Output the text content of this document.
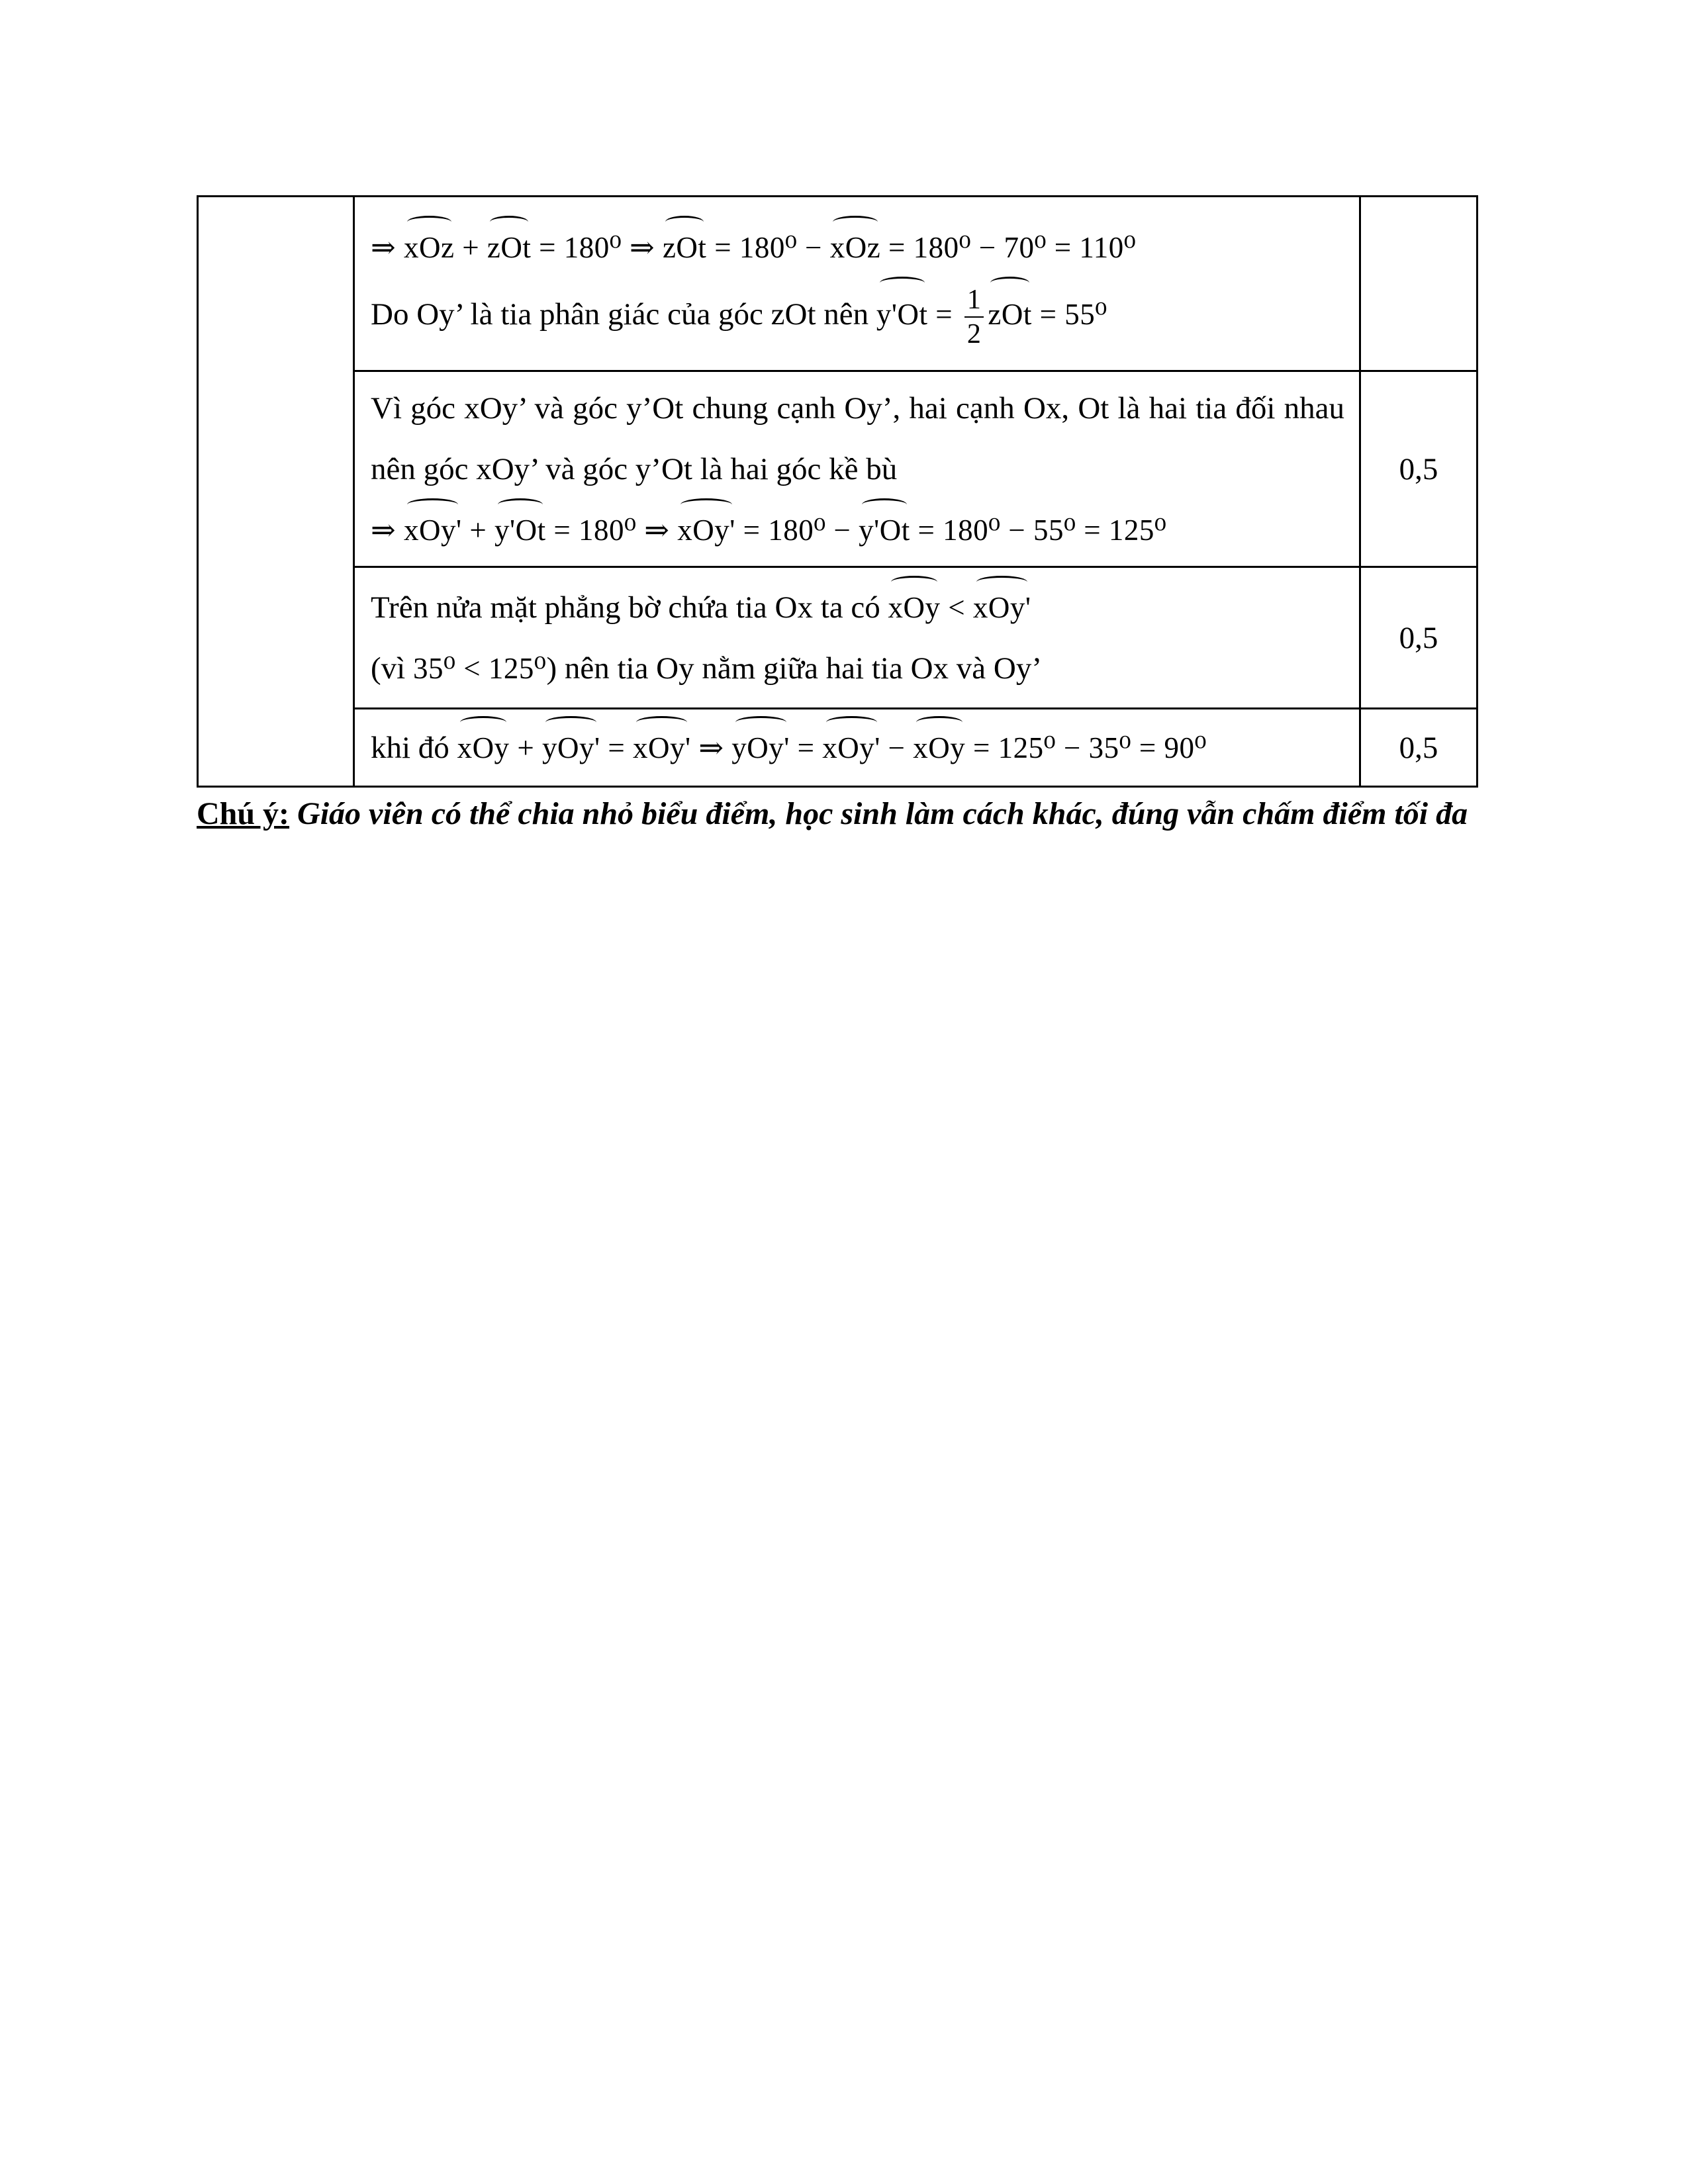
	⇒ xOz + zOt = 180⁰ ⇒ zOt = 180⁰ − xOz = 180⁰ − 70⁰ = 110⁰
Do Oy’ là tia phân giác của góc zOt nên $y'Ot = \frac{1}{2}$ zOt = 55⁰	

	Vì góc xOy’ và góc y’Ot chung cạnh Oy’, hai cạnh Ox, Ot là hai tia đối nhau nên góc xOy’ và góc y’Ot là hai góc kề bù
⇒ xOy' + y'Ot = 180⁰ ⇒ xOy' = 180⁰ − y'Ot = 180⁰ − 55⁰ = 125⁰	0,5

	Trên nửa mặt phẳng bờ chứa tia Ox ta có xOy < xOy'
(vì 35⁰ < 125⁰) nên tia Oy nằm giữa hai tia Ox và Oy’	0,5

	khi đó xOy + yOy' = xOy' ⇒ yOy' = xOy' − xOy = 125⁰ − 35⁰ = 90⁰	0,5
Chú ý: Giáo viên có thể chia nhỏ biểu điểm, học sinh làm cách khác, đúng vẫn chấm điểm tối đa
